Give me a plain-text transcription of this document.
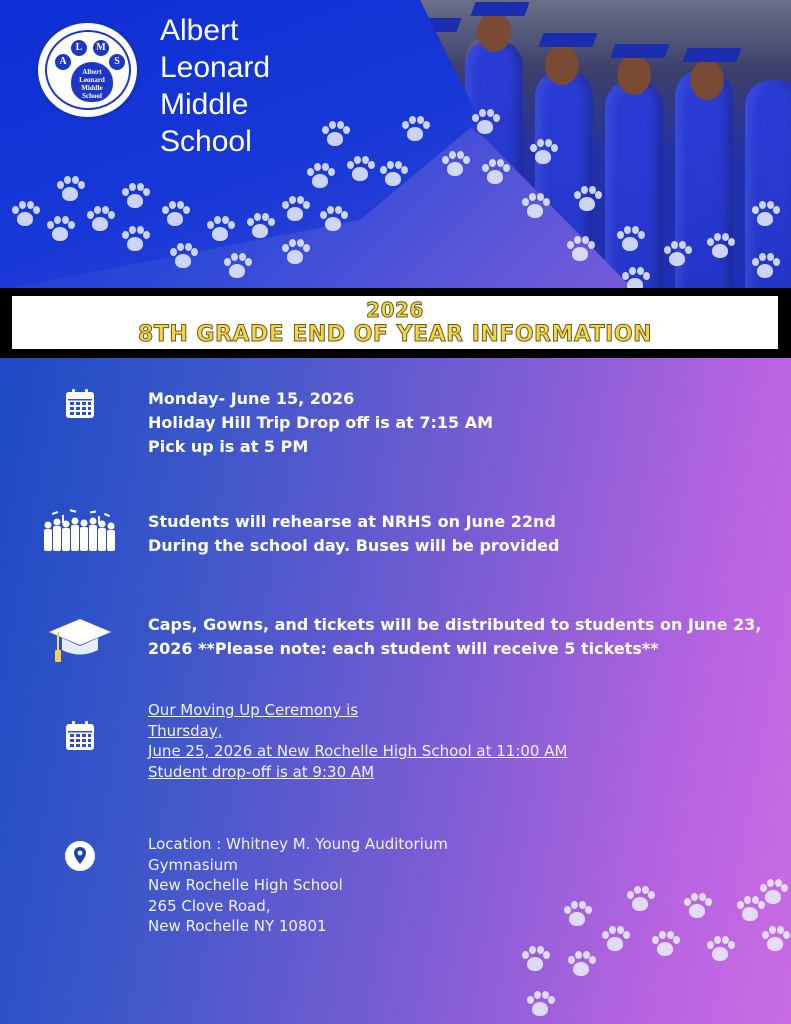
A
L	M
S
Albert
Leonard
Middle
School
Albert
Leonard
Middle
School
2026
8TH GRADE END OF YEAR INFORMATION
Monday- June 15, 2026
Holiday Hill Trip Drop off is at 7:15 AM
Pick up is at 5 PM
Students will rehearse at NRHS on June 22nd
During the school day. Buses will be provided
Caps, Gowns, and tickets will be distributed to students on June 23,
2026 **Please note: each student will receive 5 tickets**
Our Moving Up Ceremony is
Thursday,
June 25, 2026 at New Rochelle High School at 11:00 AM
Student drop-off is at 9:30 AM
Location : Whitney M. Young Auditorium
Gymnasium
New Rochelle High School
265 Clove Road,
New Rochelle NY 10801
